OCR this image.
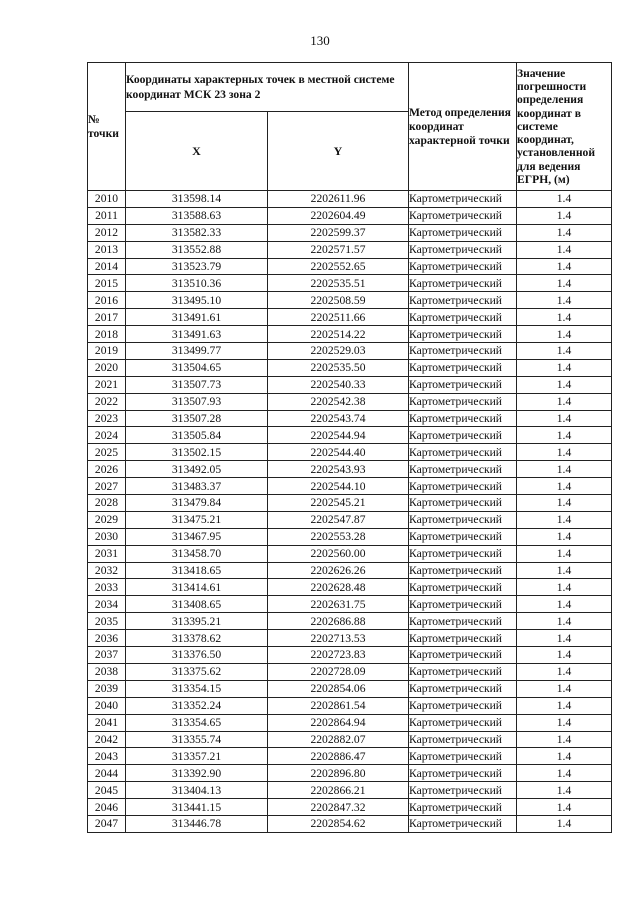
130
№
точки	Координаты характерных точек в местной системе координат МСК 23 зона 2		Метод определения координат характерной точки	Значение погрешности определения координат в системе координат, установленной для ведения ЕГРН, (м)
	X	Y		
2010	313598.14	2202611.96	Картометрический	1.4
2011	313588.63	2202604.49	Картометрический	1.4
2012	313582.33	2202599.37	Картометрический	1.4
2013	313552.88	2202571.57	Картометрический	1.4
2014	313523.79	2202552.65	Картометрический	1.4
2015	313510.36	2202535.51	Картометрический	1.4
2016	313495.10	2202508.59	Картометрический	1.4
2017	313491.61	2202511.66	Картометрический	1.4
2018	313491.63	2202514.22	Картометрический	1.4
2019	313499.77	2202529.03	Картометрический	1.4
2020	313504.65	2202535.50	Картометрический	1.4
2021	313507.73	2202540.33	Картометрический	1.4
2022	313507.93	2202542.38	Картометрический	1.4
2023	313507.28	2202543.74	Картометрический	1.4
2024	313505.84	2202544.94	Картометрический	1.4
2025	313502.15	2202544.40	Картометрический	1.4
2026	313492.05	2202543.93	Картометрический	1.4
2027	313483.37	2202544.10	Картометрический	1.4
2028	313479.84	2202545.21	Картометрический	1.4
2029	313475.21	2202547.87	Картометрический	1.4
2030	313467.95	2202553.28	Картометрический	1.4
2031	313458.70	2202560.00	Картометрический	1.4
2032	313418.65	2202626.26	Картометрический	1.4
2033	313414.61	2202628.48	Картометрический	1.4
2034	313408.65	2202631.75	Картометрический	1.4
2035	313395.21	2202686.88	Картометрический	1.4
2036	313378.62	2202713.53	Картометрический	1.4
2037	313376.50	2202723.83	Картометрический	1.4
2038	313375.62	2202728.09	Картометрический	1.4
2039	313354.15	2202854.06	Картометрический	1.4
2040	313352.24	2202861.54	Картометрический	1.4
2041	313354.65	2202864.94	Картометрический	1.4
2042	313355.74	2202882.07	Картометрический	1.4
2043	313357.21	2202886.47	Картометрический	1.4
2044	313392.90	2202896.80	Картометрический	1.4
2045	313404.13	2202866.21	Картометрический	1.4
2046	313441.15	2202847.32	Картометрический	1.4
2047	313446.78	2202854.62	Картометрический	1.4
